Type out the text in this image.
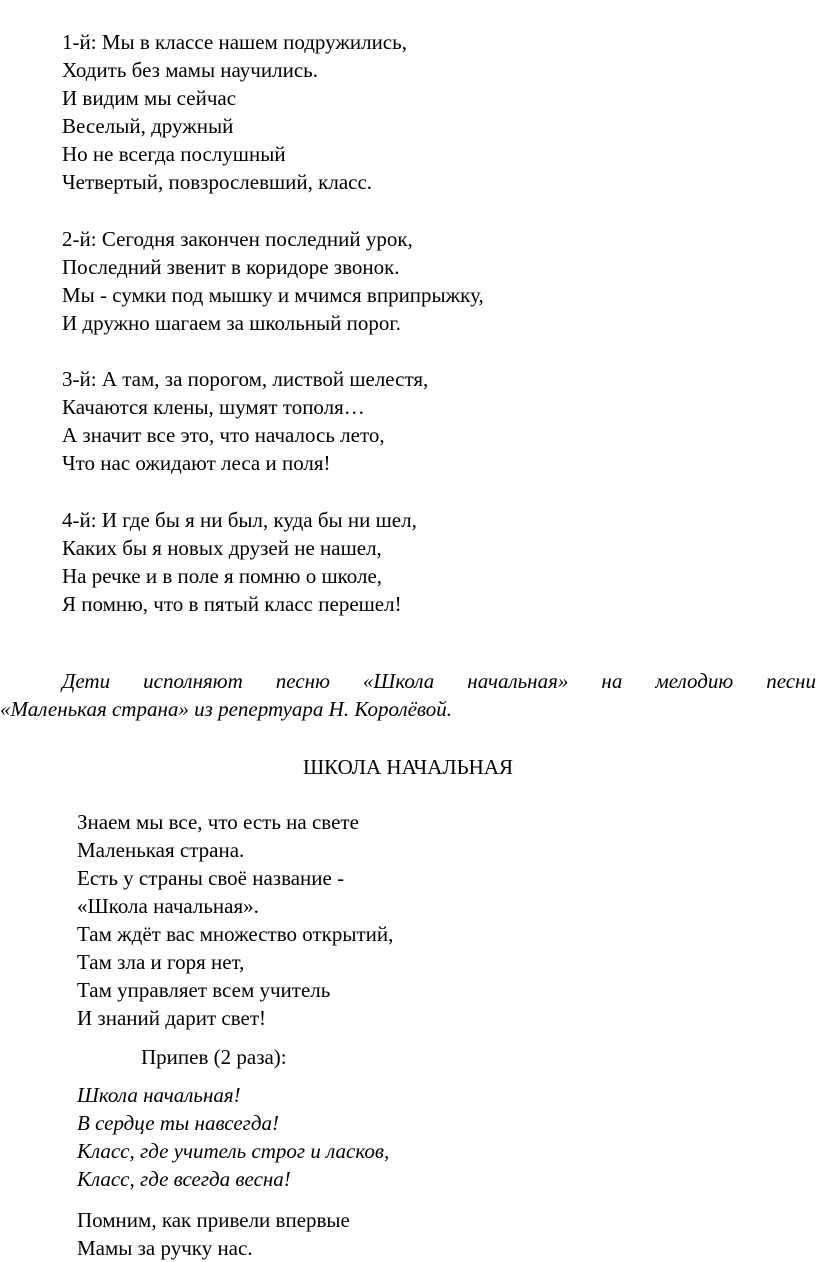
1-й: Мы в классе нашем подружились,
Ходить без мамы научились.
И видим мы сейчас
Веселый, дружный
Но не всегда послушный
Четвертый, повзрослевший, класс.
2-й: Сегодня закончен последний урок,
Последний звенит в коридоре звонок.
Мы - сумки под мышку и мчимся вприпрыжку,
И дружно шагаем за школьный порог.
3-й: А там, за порогом, листвой шелестя,
Качаются клены, шумят тополя…
А значит все это, что началось лето,
Что нас ожидают леса и поля!
4-й: И где бы я ни был, куда бы ни шел,
Каких бы я новых друзей не нашел,
На речке и в поле я помню о школе,
Я помню, что в пятый класс перешел!
Дети исполняют песню «Школа начальная» на мелодию песни
«Маленькая страна» из репертуара Н. Королёвой.
ШКОЛА НАЧАЛЬНАЯ
Знаем мы все, что есть на свете
Маленькая страна.
Есть у страны своё название -
«Школа начальная».
Там ждёт вас множество открытий,
Там зла и горя нет,
Там управляет всем учитель
И знаний дарит свет!
Припев (2 раза):
Школа начальная!
В сердце ты навсегда!
Класс, где учитель строг и ласков,
Класс, где всегда весна!
Помним, как привели впервые
Мамы за ручку нас.
